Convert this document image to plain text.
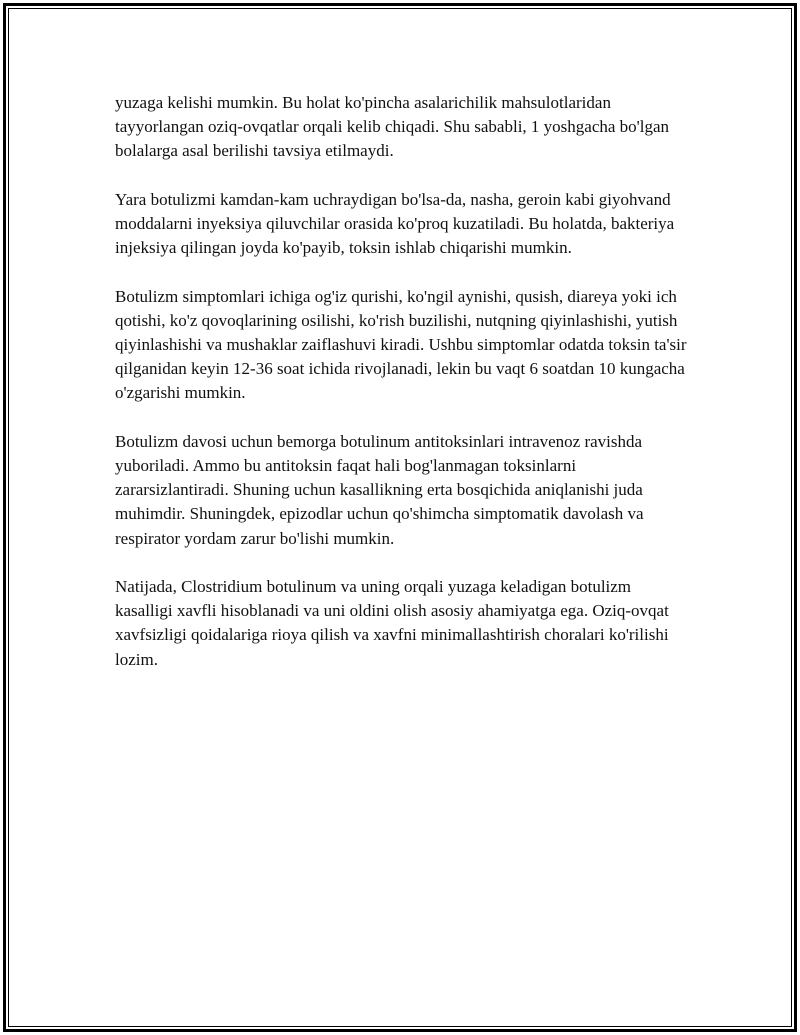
yuzaga kelishi mumkin. Bu holat ko'pincha asalarichilik mahsulotlaridan tayyorlangan oziq-ovqatlar orqali kelib chiqadi. Shu sababli, 1 yoshgacha bo'lgan bolalarga asal berilishi tavsiya etilmaydi.

Yara botulizmi kamdan-kam uchraydigan bo'lsa-da, nasha, geroin kabi giyohvand moddalarni inyeksiya qiluvchilar orasida ko'proq kuzatiladi. Bu holatda, bakteriya injeksiya qilingan joyda ko'payib, toksin ishlab chiqarishi mumkin.

Botulizm simptomlari ichiga og'iz qurishi, ko'ngil aynishi, qusish, diareya yoki ich qotishi, ko'z qovoqlarining osilishi, ko'rish buzilishi, nutqning qiyinlashishi, yutish qiyinlashishi va mushaklar zaiflashuvi kiradi. Ushbu simptomlar odatda toksin ta'sir qilganidan keyin 12-36 soat ichida rivojlanadi, lekin bu vaqt 6 soatdan 10 kungacha o'zgarishi mumkin.

Botulizm davosi uchun bemorga botulinum antitoksinlari intravenoz ravishda yuboriladi. Ammo bu antitoksin faqat hali bog'lanmagan toksinlarni zararsizlantiradi. Shuning uchun kasallikning erta bosqichida aniqlanishi juda muhimdir. Shuningdek, epizodlar uchun qo'shimcha simptomatik davolash va respirator yordam zarur bo'lishi mumkin.

Natijada, Clostridium botulinum va uning orqali yuzaga keladigan botulizm kasalligi xavfli hisoblanadi va uni oldini olish asosiy ahamiyatga ega. Oziq-ovqat xavfsizligi qoidalariga rioya qilish va xavfni minimallashtirish choralari ko'rilishi lozim.
